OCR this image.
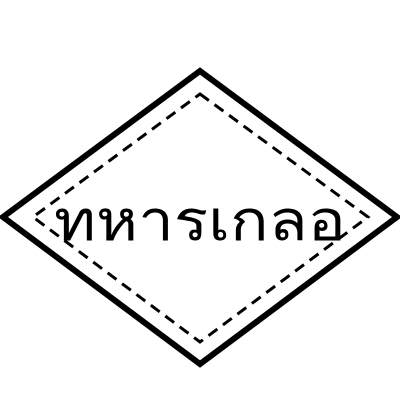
ทหารเกลอ
